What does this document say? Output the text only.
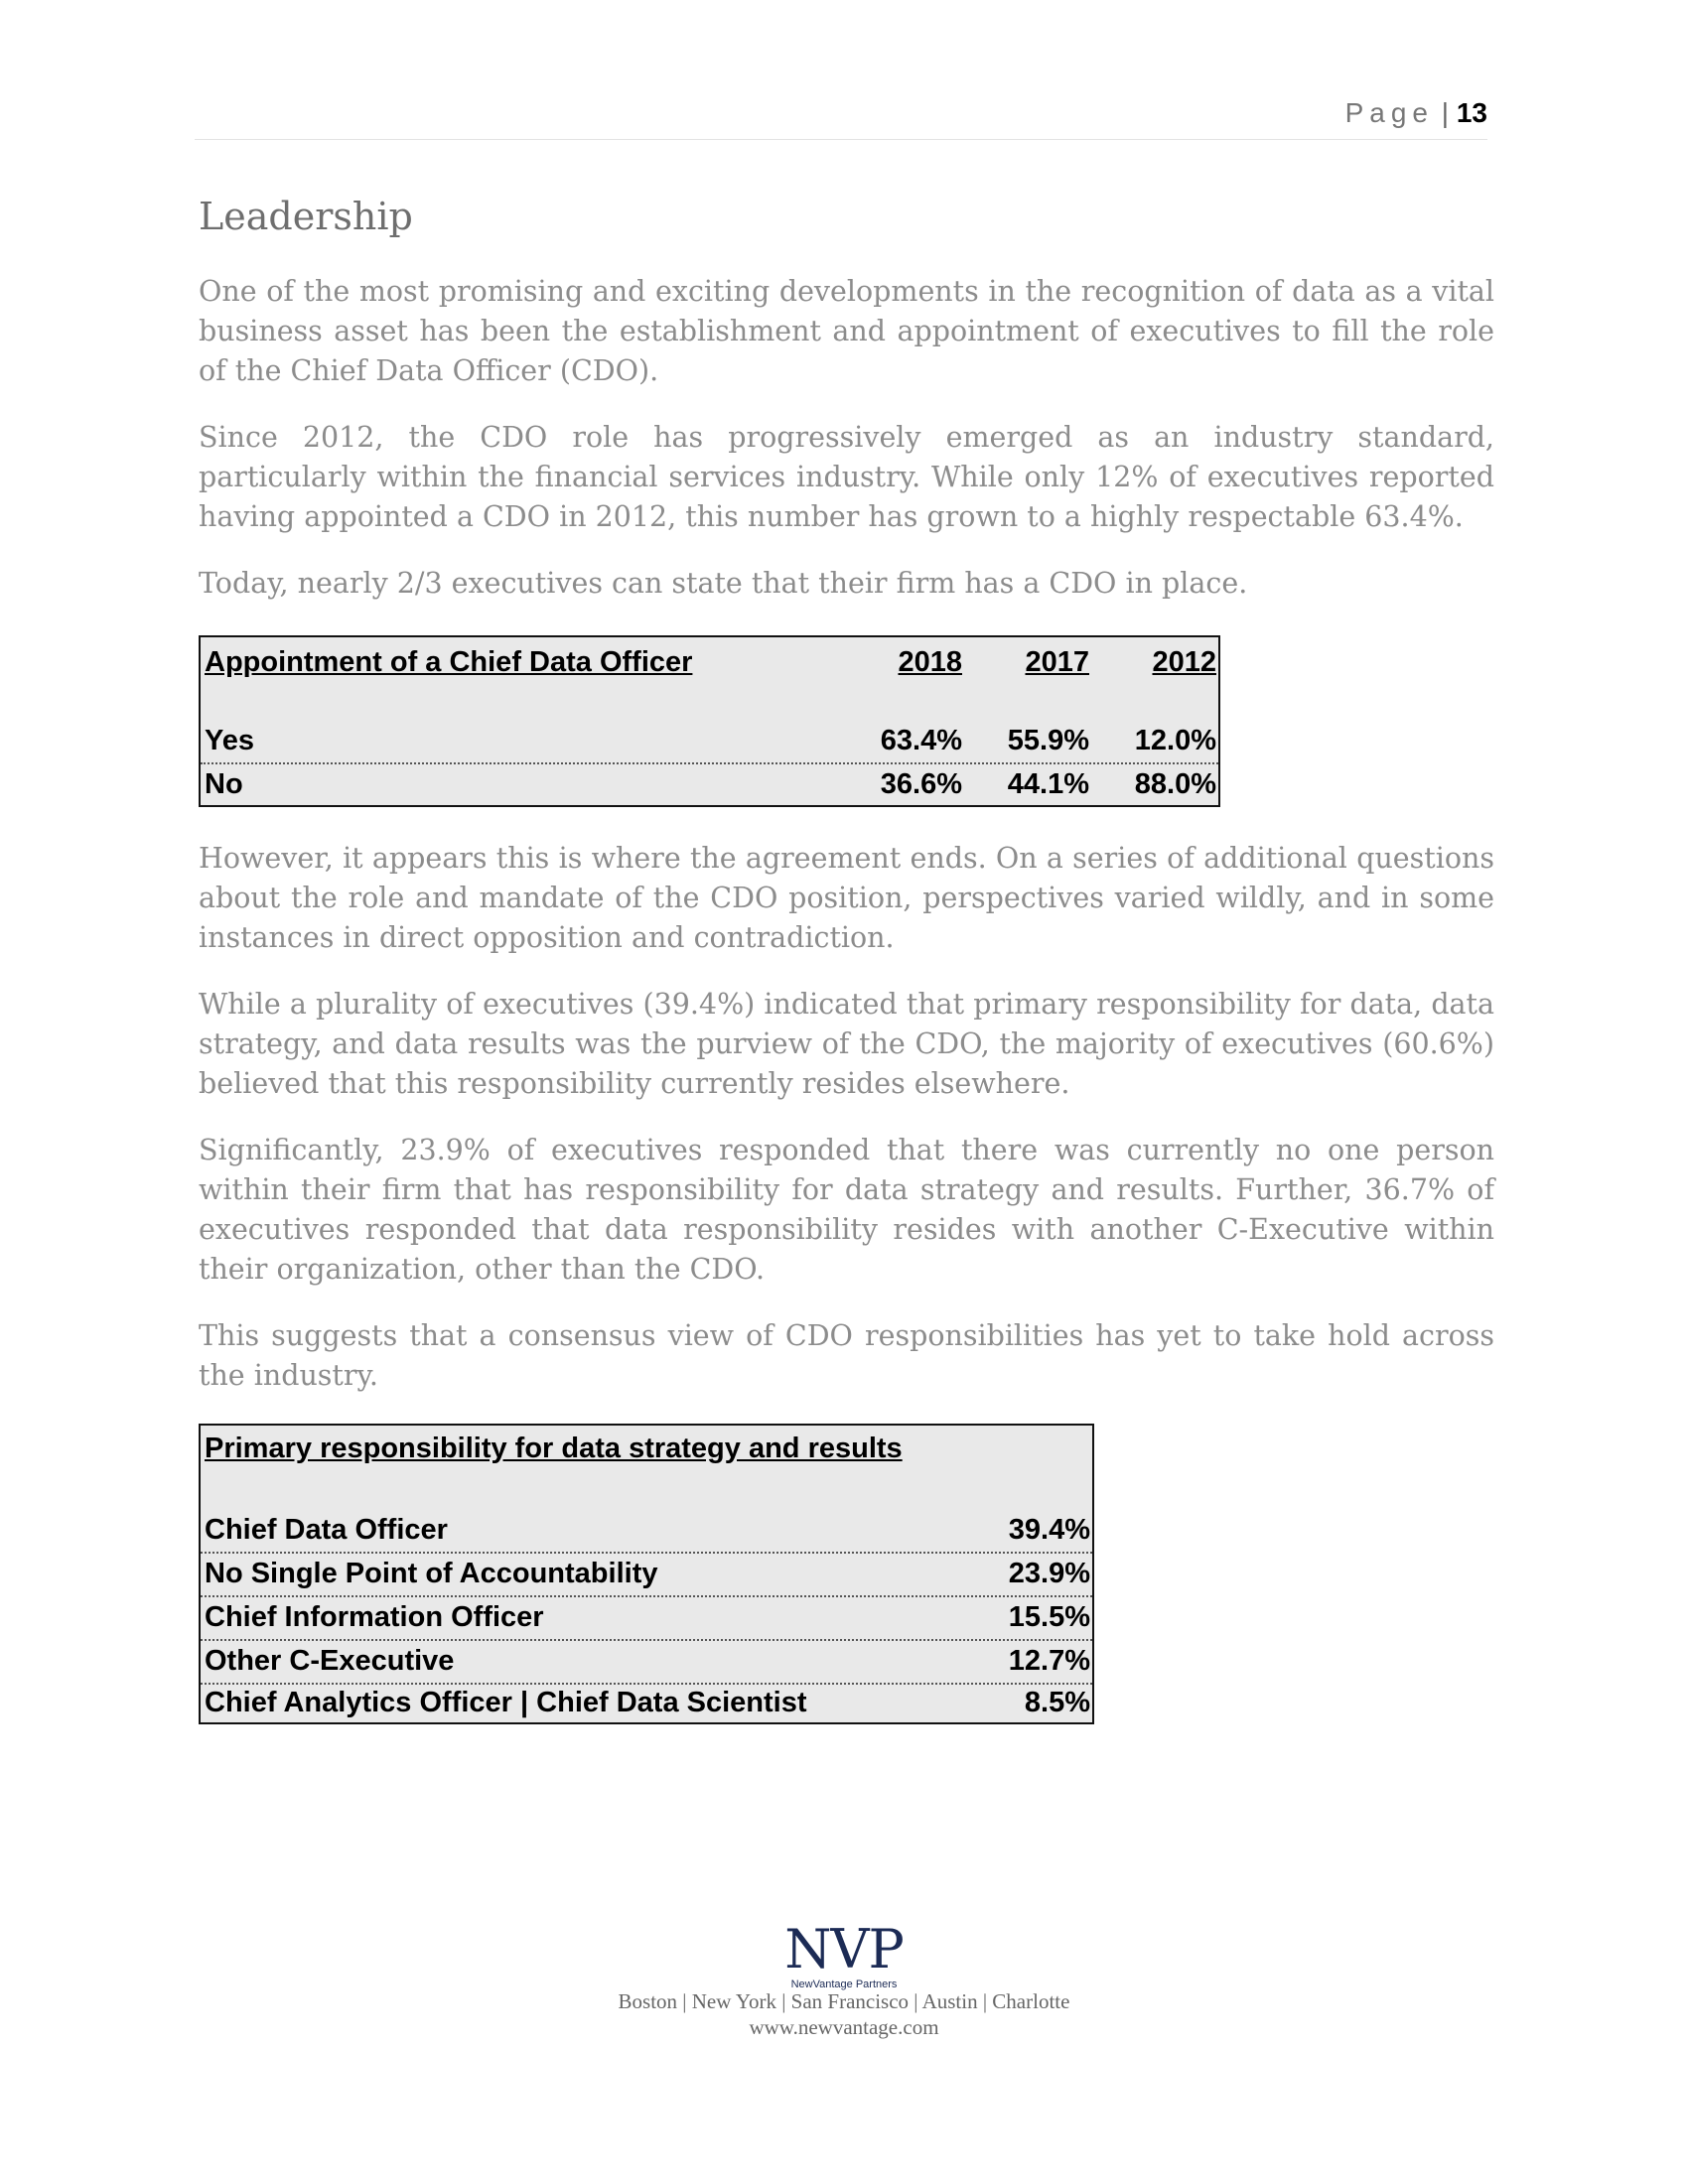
Page | 13
Leadership

One of the most promising and exciting developments in the recognition of data as a vital business asset has been the establishment and appointment of executives to fill the role of the Chief Data Officer (CDO).

Since 2012, the CDO role has progressively emerged as an industry standard, particularly within the financial services industry. While only 12% of executives reported having appointed a CDO in 2012, this number has grown to a highly respectable 63.4%.

Today, nearly 2/3 executives can state that their firm has a CDO in place.

Appointment of a Chief Data Officer	2018	2017	2012
Yes	63.4%	55.9%	12.0%
No	36.6%	44.1%	88.0%

However, it appears this is where the agreement ends. On a series of additional questions about the role and mandate of the CDO position, perspectives varied wildly, and in some instances in direct opposition and contradiction.

While a plurality of executives (39.4%) indicated that primary responsibility for data, data strategy, and data results was the purview of the CDO, the majority of executives (60.6%) believed that this responsibility currently resides elsewhere.

Significantly, 23.9% of executives responded that there was currently no one person within their firm that has responsibility for data strategy and results. Further, 36.7% of executives responded that data responsibility resides with another C-Executive within their organization, other than the CDO.

This suggests that a consensus view of CDO responsibilities has yet to take hold across the industry.

Primary responsibility for data strategy and results
Chief Data Officer	39.4%
No Single Point of Accountability	23.9%
Chief Information Officer	15.5%
Other C-Executive	12.7%
Chief Analytics Officer | Chief Data Scientist	8.5%
NVP
NewVantage Partners
Boston | New York | San Francisco | Austin | Charlotte
www.newvantage.com
